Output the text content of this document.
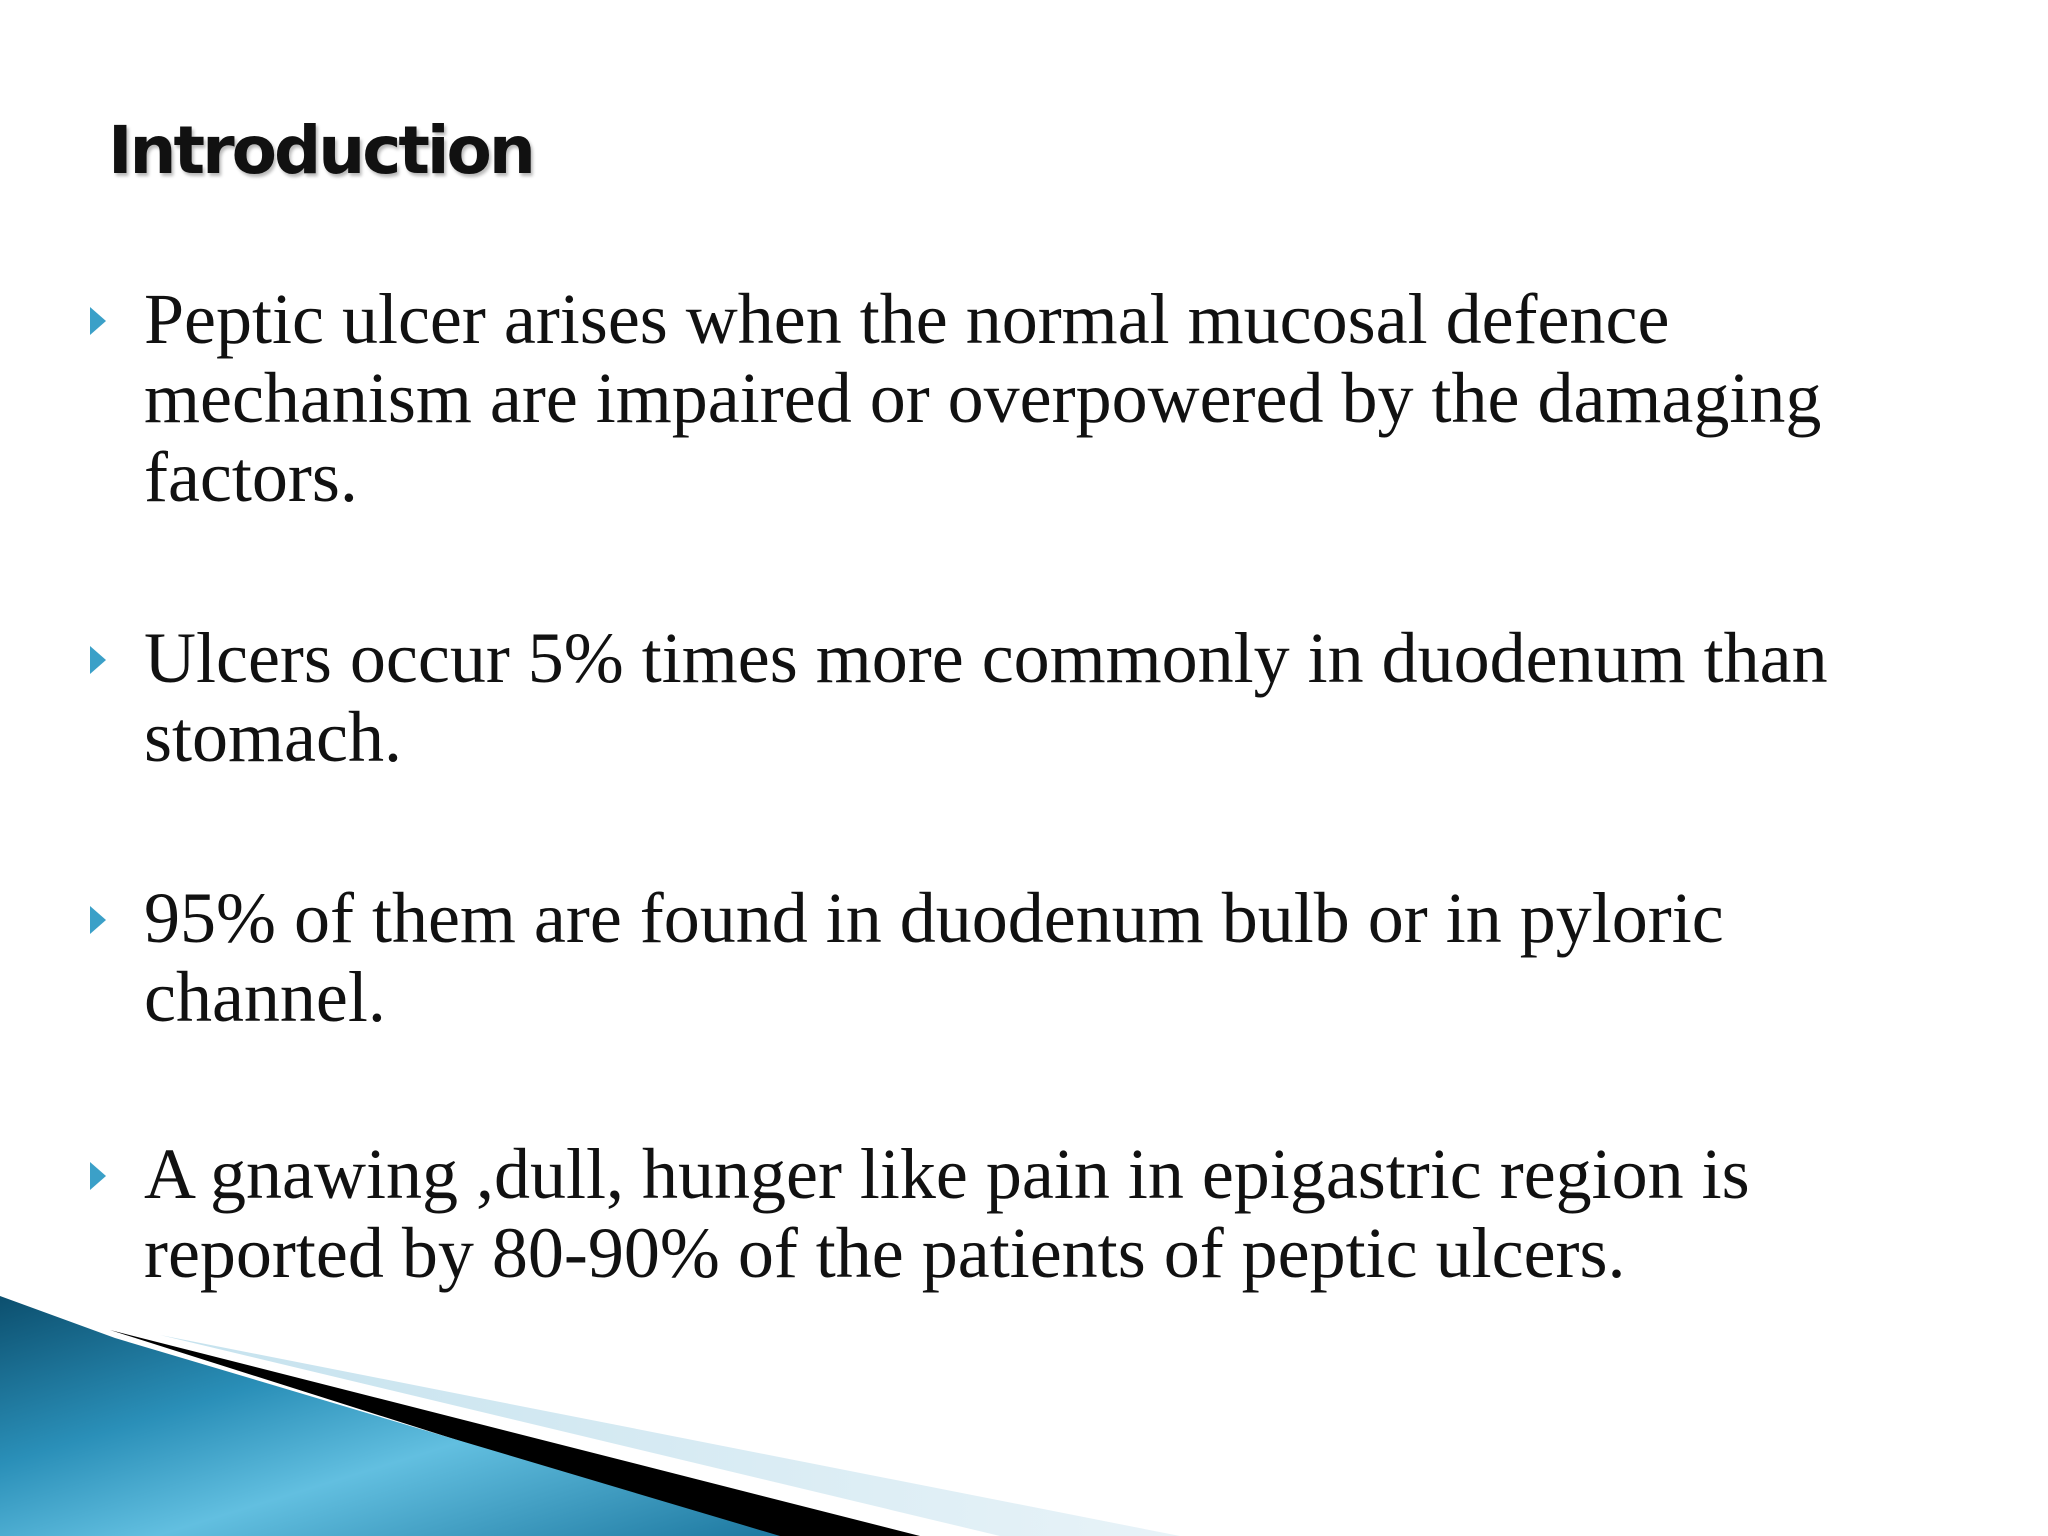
Introduction
Peptic ulcer arises when the normal mucosal defence mechanism are impaired or overpowered by the damaging factors.
Ulcers occur 5% times more commonly in duodenum than stomach.
95% of them are found in duodenum bulb or in pyloric channel.
A gnawing ,dull, hunger like pain in epigastric region is reported by 80-90% of the patients of peptic ulcers.
